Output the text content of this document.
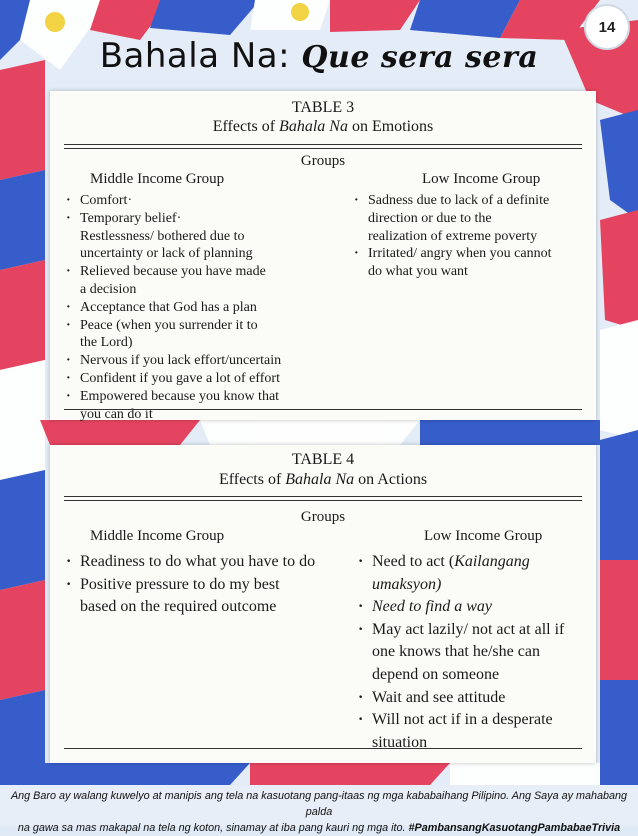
14
Bahala Na: Que sera sera
TABLE 3
Effects of Bahala Na on Emotions
Groups
Middle Income Group	Low Income Group
· Comfort·
· Temporary belief·
Restlessness/ bothered due to
uncertainty or lack of planning
· Relieved because you have made
a decision
· Acceptance that God has a plan
· Peace (when you surrender it to
the Lord)
· Nervous if you lack effort/uncertain
· Confident if you gave a lot of effort
· Empowered because you know that
you can do it
· Sadness due to lack of a definite
direction or due to the
realization of extreme poverty
· Irritated/ angry when you cannot
do what you want
TABLE 4
Effects of Bahala Na on Actions
Groups
Middle Income Group	Low Income Group
· Readiness to do what you have to do
· Positive pressure to do my best
based on the required outcome
· Need to act (Kailangang
umaksyon)
· Need to find a way
· May act lazily/ not act at all if
one knows that he/she can
depend on someone
· Wait and see attitude
· Will not act if in a desperate
situation
Ang Baro ay walang kuwelyo at manipis ang tela na kasuotang pang-itaas ng mga kababaihang Pilipino. Ang Saya ay mahabang palda
na gawa sa mas makapal na tela ng koton, sinamay at iba pang kauri ng mga ito. #PambansangKasuotangPambabaeTrivia
